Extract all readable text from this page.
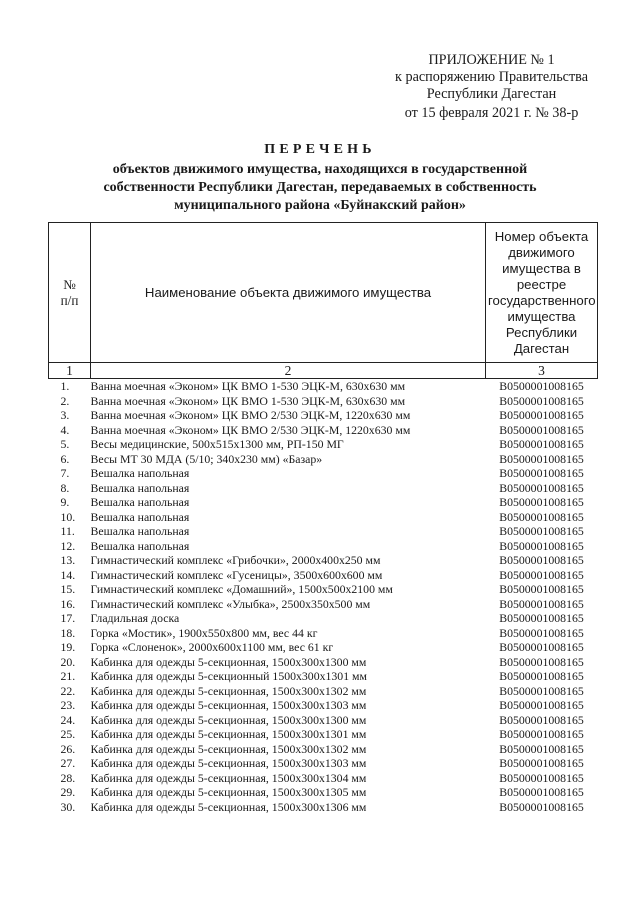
ПРИЛОЖЕНИЕ № 1
к распоряжению Правительства
Республики Дагестан
от 15 февраля 2021 г. № 38-р
ПЕРЕЧЕНЬ
объектов движимого имущества, находящихся в государственной
собственности Республики Дагестан, передаваемых в собственность
муниципального района «Буйнакский район»
№
п/п	Наименование объекта движимого имущества	Номер объекта движимого имущества в реестре государственного имущества Республики Дагестан
1	2	3
1.	Ванна моечная «Эконом» ЦК ВМО 1-530 ЭЦК-М, 630х630 мм	В0500001008165
2.	Ванна моечная «Эконом» ЦК ВМО 1-530 ЭЦК-М, 630х630 мм	В0500001008165
3.	Ванна моечная «Эконом» ЦК ВМО 2/530 ЭЦК-М, 1220х630 мм	В0500001008165
4.	Ванна моечная «Эконом» ЦК ВМО 2/530 ЭЦК-М, 1220х630 мм	В0500001008165
5.	Весы медицинские, 500х515х1300 мм, РП-150 МГ	В0500001008165
6.	Весы МТ 30 МДА (5/10; 340х230 мм) «Базар»	В0500001008165
7.	Вешалка напольная	В0500001008165
8.	Вешалка напольная	В0500001008165
9.	Вешалка напольная	В0500001008165
10.	Вешалка напольная	В0500001008165
11.	Вешалка напольная	В0500001008165
12.	Вешалка напольная	В0500001008165
13.	Гимнастический комплекс «Грибочки», 2000х400х250 мм	В0500001008165
14.	Гимнастический комплекс «Гусеницы», 3500х600х600 мм	В0500001008165
15.	Гимнастический комплекс «Домашний», 1500х500х2100 мм	В0500001008165
16.	Гимнастический комплекс «Улыбка», 2500х350х500 мм	В0500001008165
17.	Гладильная доска	В0500001008165
18.	Горка «Мостик», 1900х550х800 мм, вес 44 кг	В0500001008165
19.	Горка «Слоненок», 2000х600х1100 мм, вес 61 кг	В0500001008165
20.	Кабинка для одежды 5-секционная, 1500х300х1300 мм	В0500001008165
21.	Кабинка для одежды 5-секционный 1500х300х1301 мм	В0500001008165
22.	Кабинка для одежды 5-секционная, 1500х300х1302 мм	В0500001008165
23.	Кабинка для одежды 5-секционная, 1500х300х1303 мм	В0500001008165
24.	Кабинка для одежды 5-секционная, 1500х300х1300 мм	В0500001008165
25.	Кабинка для одежды 5-секционная, 1500х300х1301 мм	В0500001008165
26.	Кабинка для одежды 5-секционная, 1500х300х1302 мм	В0500001008165
27.	Кабинка для одежды 5-секционная, 1500х300х1303 мм	В0500001008165
28.	Кабинка для одежды 5-секционная, 1500х300х1304 мм	В0500001008165
29.	Кабинка для одежды 5-секционная, 1500х300х1305 мм	В0500001008165
30.	Кабинка для одежды 5-секционная, 1500х300х1306 мм	В0500001008165
